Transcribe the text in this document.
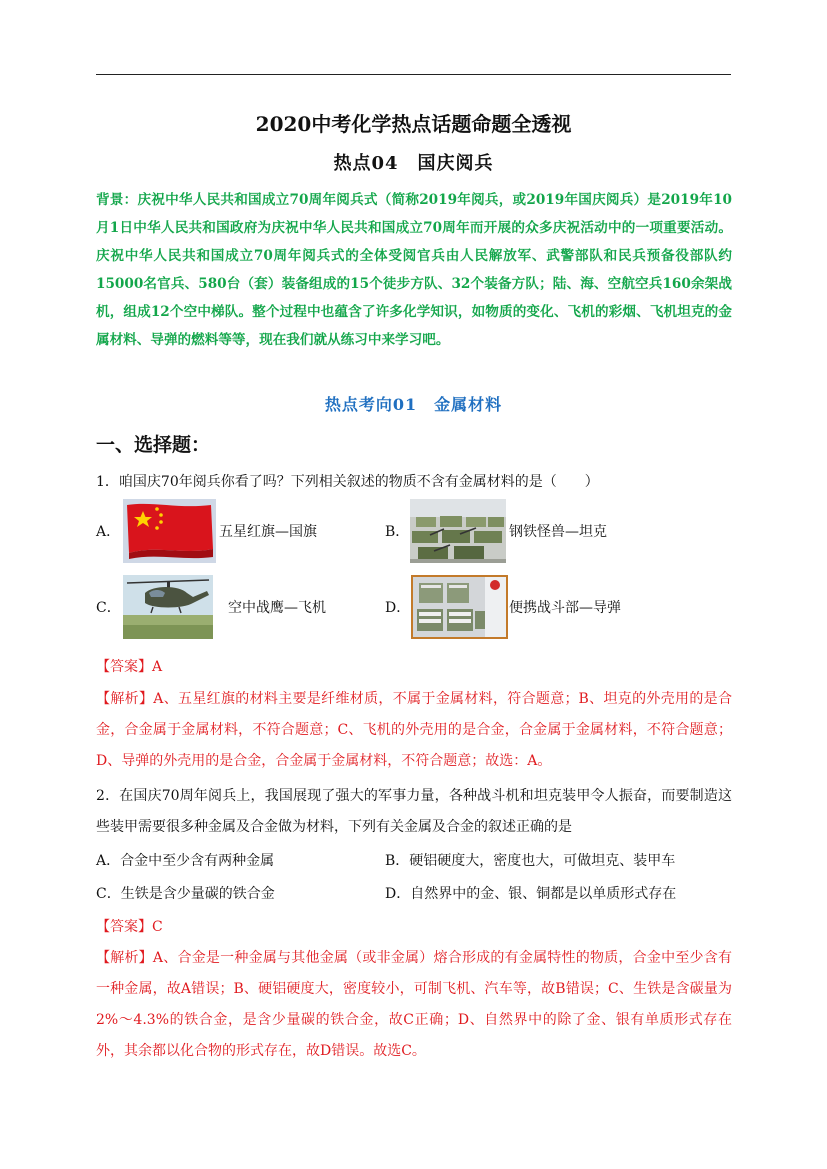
2020中考化学热点话题命题全透视
热点04　国庆阅兵
背景：庆祝中华人民共和国成立70周年阅兵式（简称2019年阅兵，或2019年国庆阅兵）是2019年10月1日中华人民共和国政府为庆祝中华人民共和国成立70周年而开展的众多庆祝活动中的一项重要活动。庆祝中华人民共和国成立70周年阅兵式的全体受阅官兵由人民解放军、武警部队和民兵预备役部队约15000名官兵、580台（套）装备组成的15个徒步方队、32个装备方队；陆、海、空航空兵160余架战机，组成12个空中梯队。整个过程中也蕴含了许多化学知识，如物质的变化、飞机的彩烟、飞机坦克的金属材料、导弹的燃料等等，现在我们就从练习中来学习吧。
热点考向01　金属材料
一、选择题：
1．咱国庆70年阅兵你看了吗？下列相关叙述的物质不含有金属材料的是（　　）
A．	五星红旗—国旗	B．	钢铁怪兽—坦克
C．	空中战鹰—飞机	D．	便携战斗部—导弹
【答案】A
【解析】A、五星红旗的材料主要是纤维材质，不属于金属材料，符合题意；B、坦克的外壳用的是合金，合金属于金属材料，不符合题意；C、飞机的外壳用的是合金，合金属于金属材料，不符合题意；D、导弹的外壳用的是合金，合金属于金属材料，不符合题意；故选：A。
2．在国庆70周年阅兵上，我国展现了强大的军事力量，各种战斗机和坦克装甲令人振奋，而要制造这些装甲需要很多种金属及合金做为材料，下列有关金属及合金的叙述正确的是
A．合金中至少含有两种金属	B．硬铝硬度大，密度也大，可做坦克、装甲车
C．生铁是含少量碳的铁合金	D．自然界中的金、银、铜都是以单质形式存在
【答案】C
【解析】A、合金是一种金属与其他金属（或非金属）熔合形成的有金属特性的物质，合金中至少含有一种金属，故A错误；B、硬铝硬度大，密度较小，可制飞机、汽车等，故B错误；C、生铁是含碳量为2%～4.3%的铁合金，是含少量碳的铁合金，故C正确；D、自然界中的除了金、银有单质形式存在外，其余都以化合物的形式存在，故D错误。故选C。
